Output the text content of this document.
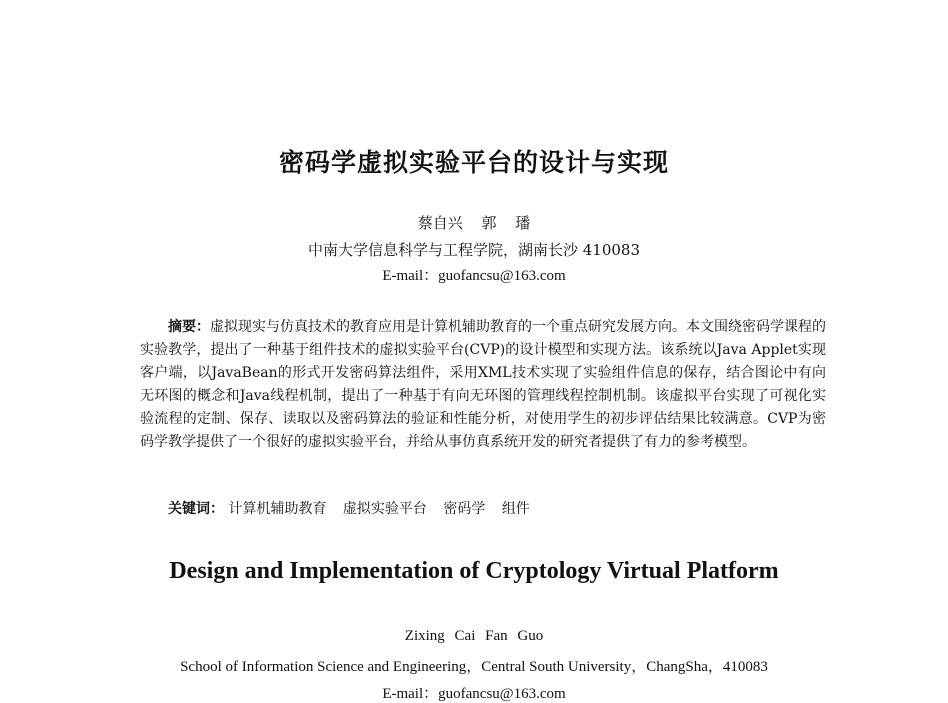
密码学虚拟实验平台的设计与实现
蔡自兴 郭 璠
中南大学信息科学与工程学院，湖南长沙 410083
E-mail：guofancsu@163.com
摘要：虚拟现实与仿真技术的教育应用是计算机辅助教育的一个重点研究发展方向。本文围绕密码学课程的实验教学，提出了一种基于组件技术的虚拟实验平台(CVP)的设计模型和实现方法。该系统以Java Applet实现客户端，以JavaBean的形式开发密码算法组件，采用XML技术实现了实验组件信息的保存，结合图论中有向无环图的概念和Java线程机制，提出了一种基于有向无环图的管理线程控制机制。该虚拟平台实现了可视化实验流程的定制、保存、读取以及密码算法的验证和性能分析，对使用学生的初步评估结果比较满意。CVP为密码学教学提供了一个很好的虚拟实验平台，并给从事仿真系统开发的研究者提供了有力的参考模型。
关键词： 计算机辅助教育 虚拟实验平台 密码学 组件
Design and Implementation of Cryptology Virtual Platform
Zixing Cai Fan Guo
School of Information Science and Engineering，Central South University，ChangSha，410083
E-mail：guofancsu@163.com
